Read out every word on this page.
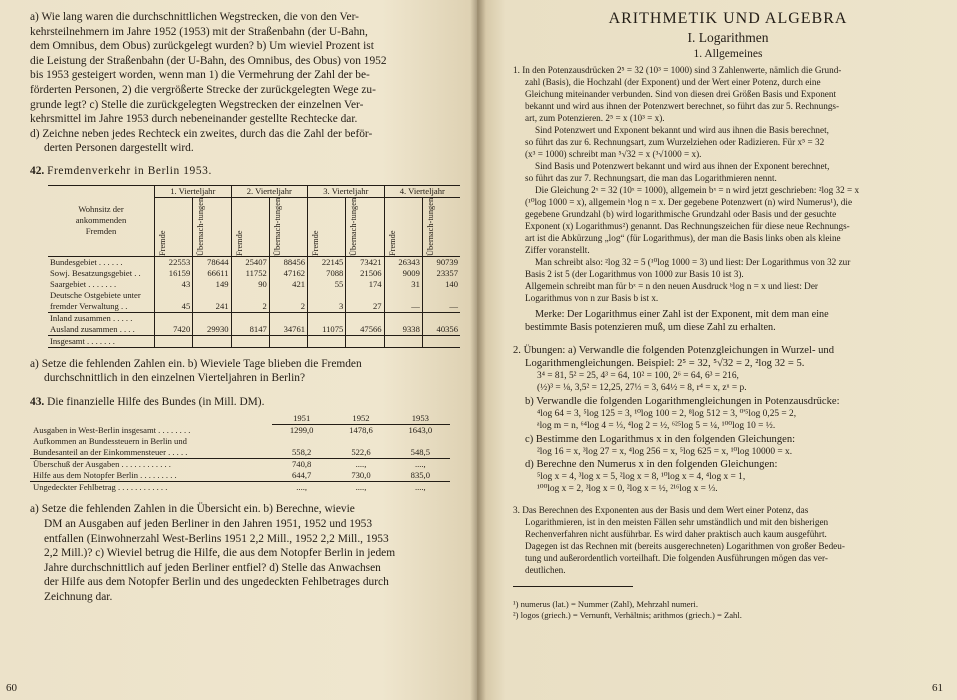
a) Wie lang waren die durchschnittlichen Wegstrecken, die von den Ver-

kehrsteilnehmern im Jahre 1952 (1953) mit der Straßenbahn (der U-Bahn,

dem Omnibus, dem Obus) zurückgelegt wurden? b) Um wieviel Prozent ist

die Leistung der Straßenbahn (der U-Bahn, des Omnibus, des Obus) von 1952

bis 1953 gesteigert worden, wenn man 1) die Vermehrung der Zahl der be-

förderten Personen, 2) die vergrößerte Strecke der zurückgelegten Wege zu-

grunde legt? c) Stelle die zurückgelegten Wegstrecken der einzelnen Ver-

kehrsmittel im Jahre 1953 durch nebeneinander gestellte Rechtecke dar.

d) Zeichne neben jedes Rechteck ein zweites, durch das die Zahl der beför-

derten Personen dargestellt wird.

42. Fremdenverkehr in Berlin 1953.
Wohnsitz der
ankommenden
Fremden	1. Vierteljahr		2. Vierteljahr		3. Vierteljahr		4. Vierteljahr	

	Fremde	Übernach-tungen	Fremde	Übernach-tungen	Fremde	Übernach-tungen	Fremde	Übernach-tungen

Bundesgebiet . . . . . .	22553	78644	25407	88456	22145	73421	26343	90739
Sowj. Besatzungsgebiet . .	16159	66611	11752	47162	7088	21506	9009	23357
Saargebiet . . . . . . .	43	149	90	421	55	174	31	140
Deutsche Ostgebiete unter								
fremder Verwaltung . .	45	241	2	2	3	27	—	—
Inland zusammen . . . . .								
Ausland zusammen . . . .	7420	29930	8147	34761	11075	47566	9338	40356
Insgesamt . . . . . . .								

a) Setze die fehlenden Zahlen ein. b) Wieviele Tage blieben die Fremden

durchschnittlich in den einzelnen Vierteljahren in Berlin?

43. Die finanzielle Hilfe des Bundes (in Mill. DM).
	1951	1952	1953
Ausgaben in West-Berlin insgesamt . . . . . . . .	1299,0	1478,6	1643,0
Aufkommen an Bundessteuern in Berlin und			
Bundesanteil an der Einkommensteuer . . . . .	558,2	522,6	548,5
Überschuß der Ausgaben . . . . . . . . . . . .	740,8	....,	....,
Hilfe aus dem Notopfer Berlin . . . . . . . . .	644,7	730,0	835,0
Ungedeckter Fehlbetrag . . . . . . . . . . . .	....,	....,	....,

a) Setze die fehlenden Zahlen in die Übersicht ein. b) Berechne, wievie

DM an Ausgaben auf jeden Berliner in den Jahren 1951, 1952 und 1953

entfallen (Einwohnerzahl West-Berlins 1951 2,2 Mill., 1952 2,2 Mill., 1953

2,2 Mill.)? c) Wieviel betrug die Hilfe, die aus dem Notopfer Berlin in jedem

Jahre durchschnittlich auf jeden Berliner entfiel? d) Stelle das Anwachsen

der Hilfe aus dem Notopfer Berlin und des ungedeckten Fehlbetrages durch

Zeichnung dar.

60
ARITHMETIK UND ALGEBRA
I. Logarithmen
1. Allgemeines

1. In den Potenzausdrücken 2⁵ = 32 (10³ = 1000) sind 3 Zahlenwerte, nämlich die Grund-

zahl (Basis), die Hochzahl (der Exponent) und der Wert einer Potenz, durch eine

Gleichung miteinander verbunden. Sind von diesen drei Größen Basis und Exponent

bekannt und wird aus ihnen der Potenzwert berechnet, so führt das zur 5. Rechnungs-

art, zum Potenzieren. 2⁵ = x (10³ = x).

Sind Potenzwert und Exponent bekannt und wird aus ihnen die Basis berechnet,

so führt das zur 6. Rechnungsart, zum Wurzelziehen oder Radizieren. Für x⁵ = 32

(x³ = 1000) schreibt man ⁵√32 = x (³√1000 = x).

Sind Basis und Potenzwert bekannt und wird aus ihnen der Exponent berechnet,

so führt das zur 7. Rechnungsart, die man das Logarithmieren nennt.

Die Gleichung 2ˣ = 32 (10ˣ = 1000), allgemein bˣ = n wird jetzt geschrieben: ²log 32 = x

(¹⁰log 1000 = x), allgemein ᵇlog n = x. Der gegebene Potenzwert (n) wird Numerus¹), die

gegebene Grundzahl (b) wird logarithmische Grundzahl oder Basis und der gesuchte

Exponent (x) Logarithmus²) genannt. Das Rechnungszeichen für diese neue Rechnungs-

art ist die Abkürzung „log“ (für Logarithmus), der man die Basis links oben als kleine

Ziffer voranstellt.

Man schreibt also: ²log 32 = 5 (¹⁰log 1000 = 3) und liest: Der Logarithmus von 32 zur

Basis 2 ist 5 (der Logarithmus von 1000 zur Basis 10 ist 3).

Allgemein schreibt man für bˣ = n den neuen Ausdruck ᵇlog n = x und liest: Der

Logarithmus von n zur Basis b ist x.

Merke: Der Logarithmus einer Zahl ist der Exponent, mit dem man eine

bestimmte Basis potenzieren muß, um diese Zahl zu erhalten.

2. Übungen: a) Verwandle die folgenden Potenzgleichungen in Wurzel- und

Logarithmengleichungen. Beispiel: 2⁵ = 32, ⁵√32 = 2, ²log 32 = 5.

3⁴ = 81, 5² = 25, 4³ = 64, 10² = 100, 2⁶ = 64, 6³ = 216,

(½)³ = ⅛, 3,5² = 12,25, 27⅓ = 3, 64½ = 8, r⁴ = x, zᵘ = p.

b) Verwandle die folgenden Logarithmengleichungen in Potenzausdrücke:

⁴log 64 = 3, ⁵log 125 = 3, ¹⁰log 100 = 2, ⁸log 512 = 3, ⁰'⁵log 0,25 = 2,

ᵃlog m = n, ⁶⁴log 4 = ⅓, ⁴log 2 = ½, ⁶²⁵log 5 = ¼, ¹⁰⁰log 10 = ½.

c) Bestimme den Logarithmus x in den folgenden Gleichungen:

²log 16 = x, ³log 27 = x, ⁴log 256 = x, ⁵log 625 = x, ¹⁰log 10000 = x.

d) Berechne den Numerus x in den folgenden Gleichungen:

⁵log x = 4, ³log x = 5, ²log x = 8, ¹⁰log x = 4, ⁴log x = 1,

¹⁰⁰log x = 2, ³log x = 0, ²log x = ½, ²¹⁶log x = ⅓.

3. Das Berechnen des Exponenten aus der Basis und dem Wert einer Potenz, das

Logarithmieren, ist in den meisten Fällen sehr umständlich und mit den bisherigen

Rechenverfahren nicht ausführbar. Es wird daher praktisch auch kaum ausgeführt.

Dagegen ist das Rechnen mit (bereits ausgerechneten) Logarithmen von großer Bedeu-

tung und außerordentlich vorteilhaft. Die folgenden Ausführungen mögen das ver-

deutlichen.

¹) numerus (lat.) = Nummer (Zahl), Mehrzahl numeri.

²) logos (griech.) = Vernunft, Verhältnis; arithmos (griech.) = Zahl.

61
